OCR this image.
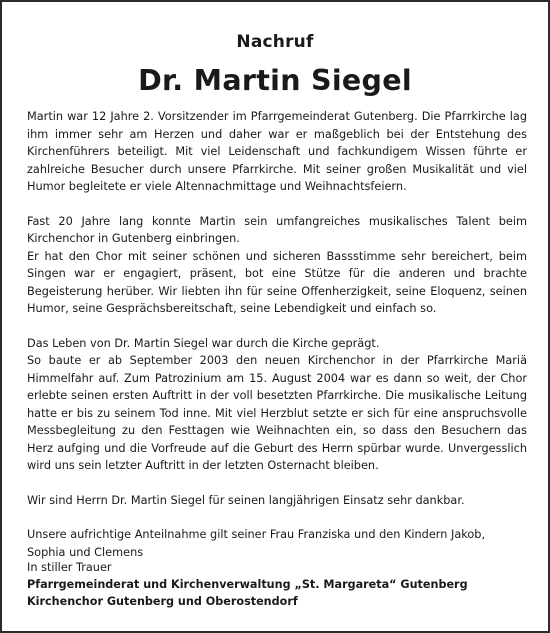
Nachruf
Dr. Martin Siegel

Martin war 12 Jahre 2. Vorsitzender im Pfarrgemeinderat Gutenberg. Die Pfarrkirche lag ihm immer sehr am Herzen und daher war er maßgeblich bei der Entstehung des Kirchenführers beteiligt. Mit viel Leidenschaft und fachkundigem Wissen führte er zahlreiche Besucher durch unsere Pfarrkirche. Mit seiner großen Musikalität und viel Humor begleitete er viele Altennachmittage und Weihnachtsfeiern.

Fast 20 Jahre lang konnte Martin sein umfangreiches musikalisches Talent beim Kirchenchor in Gutenberg einbringen.

Er hat den Chor mit seiner schönen und sicheren Bassstimme sehr bereichert, beim Singen war er engagiert, präsent, bot eine Stütze für die anderen und brachte Begeisterung herüber. Wir liebten ihn für seine Offenherzigkeit, seine Eloquenz, seinen Humor, seine Gesprächsbereitschaft, seine Lebendigkeit und einfach so.

Das Leben von Dr. Martin Siegel war durch die Kirche geprägt.

So baute er ab September 2003 den neuen Kirchenchor in der Pfarrkirche Mariä Himmelfahr auf. Zum Patrozinium am 15. August 2004 war es dann so weit, der Chor erlebte seinen ersten Auftritt in der voll besetzten Pfarrkirche. Die musikalische Leitung hatte er bis zu seinem Tod inne. Mit viel Herzblut setzte er sich für eine anspruchsvolle Messbegleitung zu den Festtagen wie Weihnachten ein, so dass den Besuchern das Herz aufging und die Vorfreude auf die Geburt des Herrn spürbar wurde. Unvergesslich wird uns sein letzter Auftritt in der letzten Osternacht bleiben.

Wir sind Herrn Dr. Martin Siegel für seinen langjährigen Einsatz sehr dankbar.

Unsere aufrichtige Anteilnahme gilt seiner Frau Franziska und den Kindern Jakob, Sophia und Clemens

In stiller Trauer
Pfarrgemeinderat und Kirchenverwaltung „St. Margareta“ Gutenberg
Kirchenchor Gutenberg und Oberostendorf
